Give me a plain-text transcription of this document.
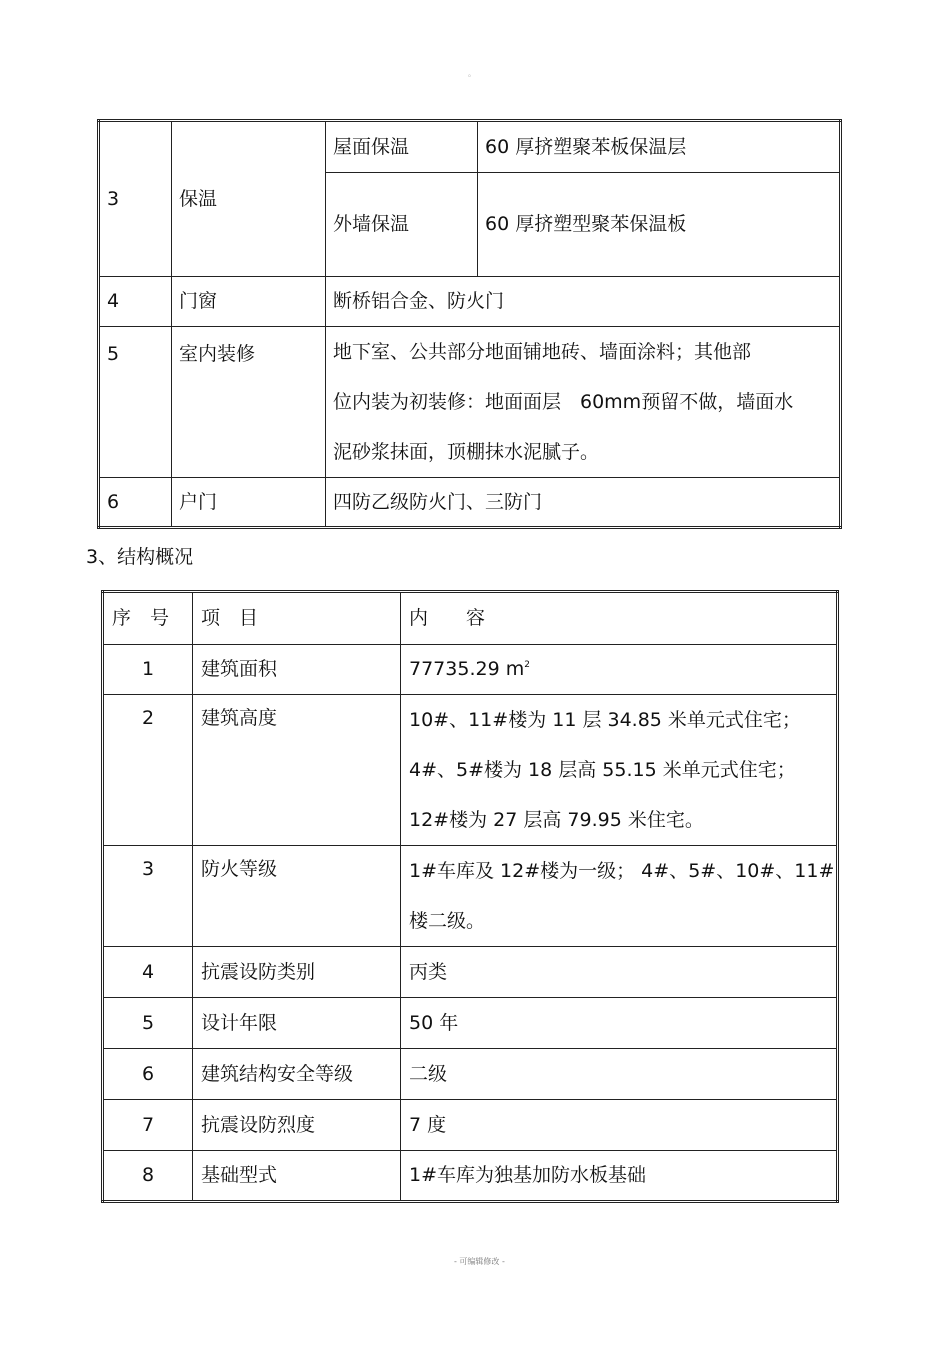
。
3	保温	屋面保温	60 厚挤塑聚苯板保温层
		外墙保温	60 厚挤塑型聚苯保温板
4	门窗	断桥铝合金、防火门	
5	室内装修	地下室、公共部分地面铺地砖、墙面涂料；其他部
位内装为初装修：地面面层　60mm预留不做，墙面水
泥砂浆抹面，顶棚抹水泥腻子。	

6	户门	四防乙级防火门、三防门	
3、结构概况
序　号	项　目	内　　容
1	建筑面积	77735.29 $m^2$
2	建筑高度	10#、11#楼为 11 层 34.85 米单元式住宅；
4#、5#楼为 18 层高 55.15 米单元式住宅；
12#楼为 27 层高 79.95 米住宅。

3	防火等级	1#车库及 12#楼为一级； 4#、5#、10#、11#
楼二级。

4	抗震设防类别	丙类
5	设计年限	50 年
6	建筑结构安全等级	二级
7	抗震设防烈度	7 度
8	基础型式	1#车库为独基加防水板基础
- 可编辑修改 -
